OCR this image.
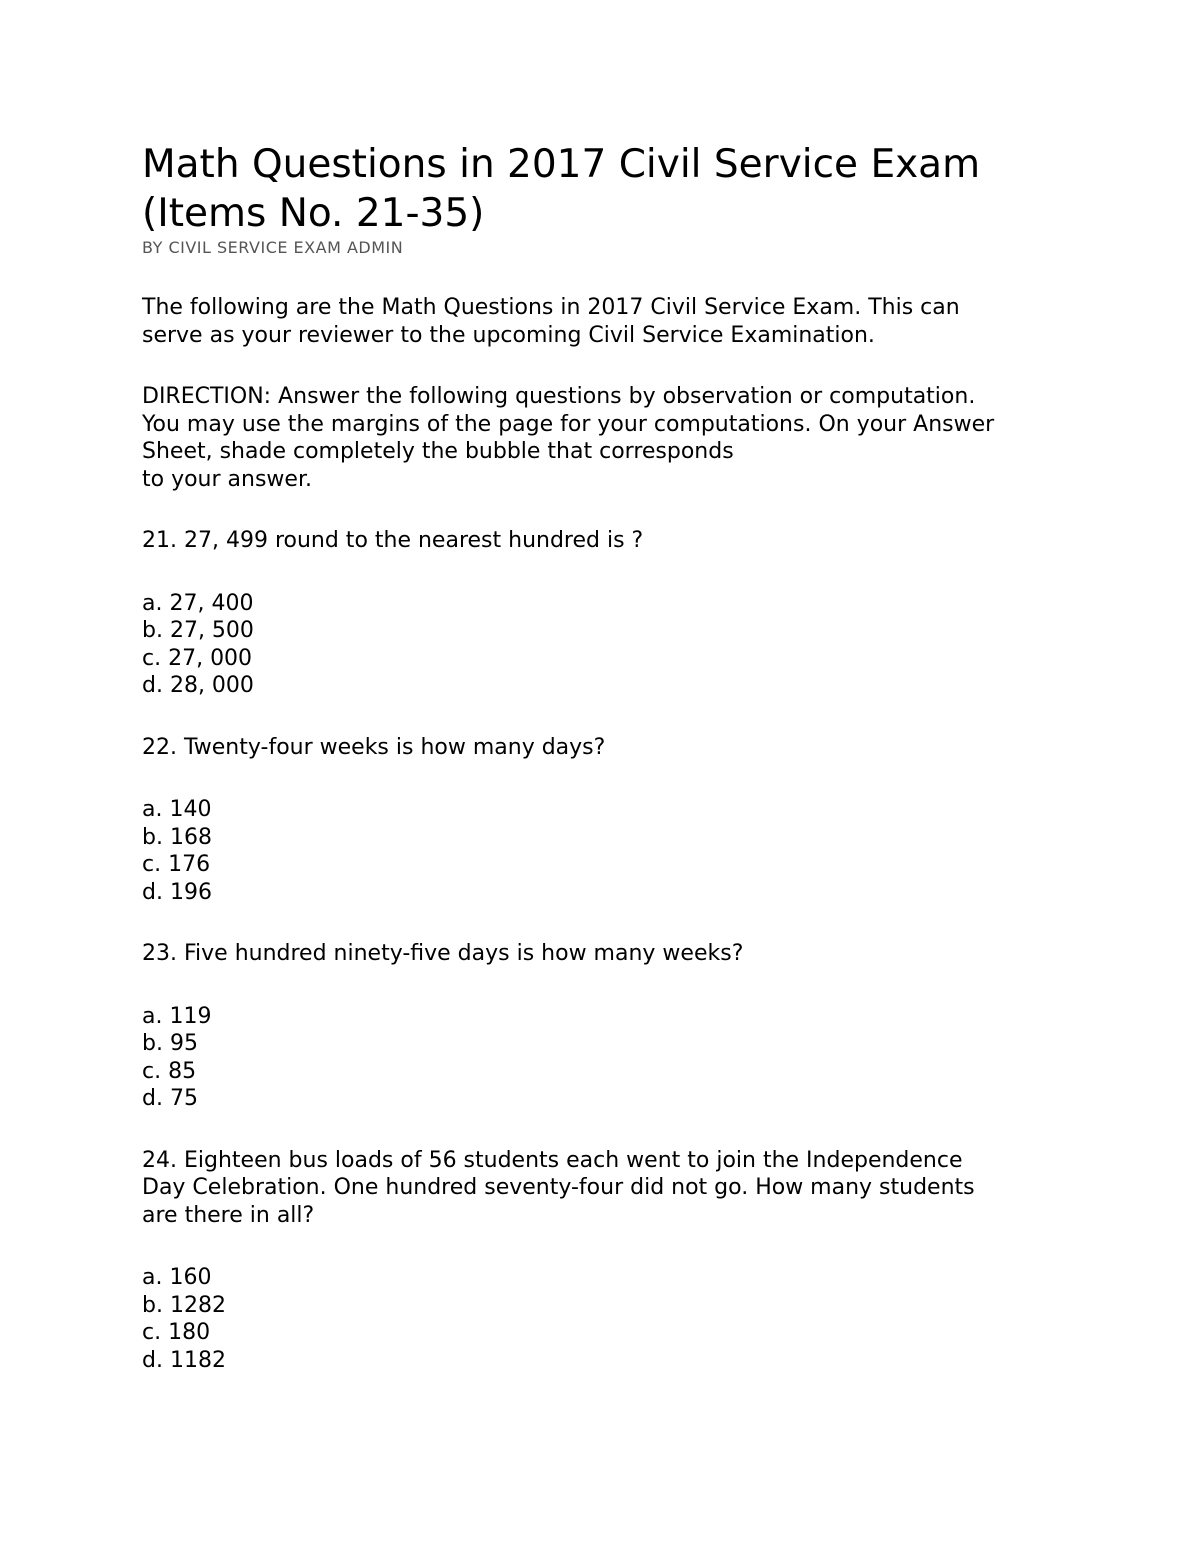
Math Questions in 2017 Civil Service Exam
(Items No. 21-35)

BY CIVIL SERVICE EXAM ADMIN

The following are the Math Questions in 2017 Civil Service Exam. This can
serve as your reviewer to the upcoming Civil Service Examination.

DIRECTION: Answer the following questions by observation or computation.
You may use the margins of the page for your computations. On your Answer
Sheet, shade completely the bubble that corresponds
to your answer.

21. 27, 499 round to the nearest hundred is ?

a. 27, 400
b. 27, 500
c. 27, 000
d. 28, 000

22. Twenty-four weeks is how many days?

a. 140
b. 168
c. 176
d. 196

23. Five hundred ninety-five days is how many weeks?

a. 119
b. 95
c. 85
d. 75

24. Eighteen bus loads of 56 students each went to join the Independence
Day Celebration. One hundred seventy-four did not go. How many students
are there in all?

a. 160
b. 1282
c. 180
d. 1182
